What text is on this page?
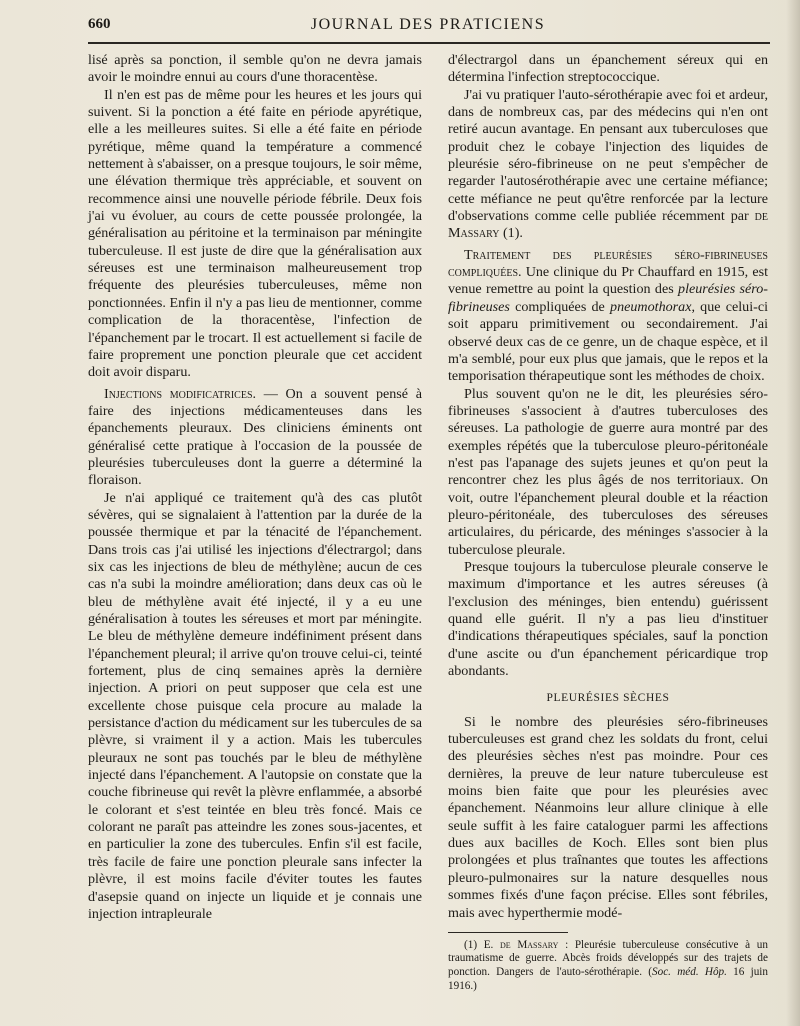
660	JOURNAL DES PRATICIENS

lisé après sa ponction, il semble qu'on ne devra jamais avoir le moindre ennui au cours d'une thoracentèse.

Il n'en est pas de même pour les heures et les jours qui suivent. Si la ponction a été faite en période apyrétique, elle a les meilleures suites. Si elle a été faite en période pyrétique, même quand la température a commencé nettement à s'abaisser, on a presque toujours, le soir même, une élévation thermique très appréciable, et souvent on recommence ainsi une nouvelle période fébrile. Deux fois j'ai vu évoluer, au cours de cette poussée prolongée, la généralisation au péritoine et la terminaison par méningite tuberculeuse. Il est juste de dire que la généralisation aux séreuses est une terminaison malheureusement trop fréquente des pleurésies tuberculeuses, même non ponctionnées. Enfin il n'y a pas lieu de mentionner, comme complication de la thoracentèse, l'infection de l'épanchement par le trocart. Il est actuellement si facile de faire proprement une ponction pleurale que cet accident doit avoir disparu.

Injections modificatrices. — On a souvent pensé à faire des injections médicamenteuses dans les épanchements pleuraux. Des cliniciens éminents ont généralisé cette pratique à l'occasion de la poussée de pleurésies tuberculeuses dont la guerre a déterminé la floraison.

Je n'ai appliqué ce traitement qu'à des cas plutôt sévères, qui se signalaient à l'attention par la durée de la poussée thermique et par la ténacité de l'épanchement. Dans trois cas j'ai utilisé les injections d'électrargol; dans six cas les injections de bleu de méthylène; aucun de ces cas n'a subi la moindre amélioration; dans deux cas où le bleu de méthylène avait été injecté, il y a eu une généralisation à toutes les séreuses et mort par méningite. Le bleu de méthylène demeure indéfiniment présent dans l'épanchement pleural; il arrive qu'on trouve celui-ci, teinté fortement, plus de cinq semaines après la dernière injection. A priori on peut supposer que cela est une excellente chose puisque cela procure au malade la persistance d'action du médicament sur les tubercules de sa plèvre, si vraiment il y a action. Mais les tubercules pleuraux ne sont pas touchés par le bleu de méthylène injecté dans l'épanchement. A l'autopsie on constate que la couche fibrineuse qui revêt la plèvre enflammée, a absorbé le colorant et s'est teintée en bleu très foncé. Mais ce colorant ne paraît pas atteindre les zones sous-jacentes, et en particulier la zone des tubercules. Enfin s'il est facile, très facile de faire une ponction pleurale sans infecter la plèvre, il est moins facile d'éviter toutes les fautes d'asepsie quand on injecte un liquide et je connais une injection intrapleurale

d'électrargol dans un épanchement séreux qui en détermina l'infection streptococcique.

J'ai vu pratiquer l'auto-sérothérapie avec foi et ardeur, dans de nombreux cas, par des médecins qui n'en ont retiré aucun avantage. En pensant aux tuberculoses que produit chez le cobaye l'injection des liquides de pleurésie séro-fibrineuse on ne peut s'empêcher de regarder l'autosérothérapie avec une certaine méfiance; cette méfiance ne peut qu'être renforcée par la lecture d'observations comme celle publiée récemment par de Massary (1).

Traitement des pleurésies séro-fibrineuses compliquées. Une clinique du Pr Chauffard en 1915, est venue remettre au point la question des pleurésies séro-fibrineuses compliquées de pneumothorax, que celui-ci soit apparu primitivement ou secondairement. J'ai observé deux cas de ce genre, un de chaque espèce, et il m'a semblé, pour eux plus que jamais, que le repos et la temporisation thérapeutique sont les méthodes de choix.

Plus souvent qu'on ne le dit, les pleurésies séro-fibrineuses s'associent à d'autres tuberculoses des séreuses. La pathologie de guerre aura montré par des exemples répétés que la tuberculose pleuro-péritonéale n'est pas l'apanage des sujets jeunes et qu'on peut la rencontrer chez les plus âgés de nos territoriaux. On voit, outre l'épanchement pleural double et la réaction pleuro-péritonéale, des tuberculoses des séreuses articulaires, du péricarde, des méninges s'associer à la tuberculose pleurale.

Presque toujours la tuberculose pleurale conserve le maximum d'importance et les autres séreuses (à l'exclusion des méninges, bien entendu) guérissent quand elle guérit. Il n'y a pas lieu d'instituer d'indications thérapeutiques spéciales, sauf la ponction d'une ascite ou d'un épanchement péricardique trop abondants.

PLEURÉSIES SÈCHES

Si le nombre des pleurésies séro-fibrineuses tuberculeuses est grand chez les soldats du front, celui des pleurésies sèches n'est pas moindre. Pour ces dernières, la preuve de leur nature tuberculeuse est moins bien faite que pour les pleurésies avec épanchement. Néanmoins leur allure clinique à elle seule suffit à les faire cataloguer parmi les affections dues aux bacilles de Koch. Elles sont bien plus prolongées et plus traînantes que toutes les affections pleuro-pulmonaires sur la nature desquelles nous sommes fixés d'une façon précise. Elles sont fébriles, mais avec hyperthermie modé-

(1) E. de Massary : Pleurésie tuberculeuse consécutive à un traumatisme de guerre. Abcès froids développés sur des trajets de ponction. Dangers de l'auto-sérothérapie. (Soc. méd. Hôp. 16 juin 1916.)
